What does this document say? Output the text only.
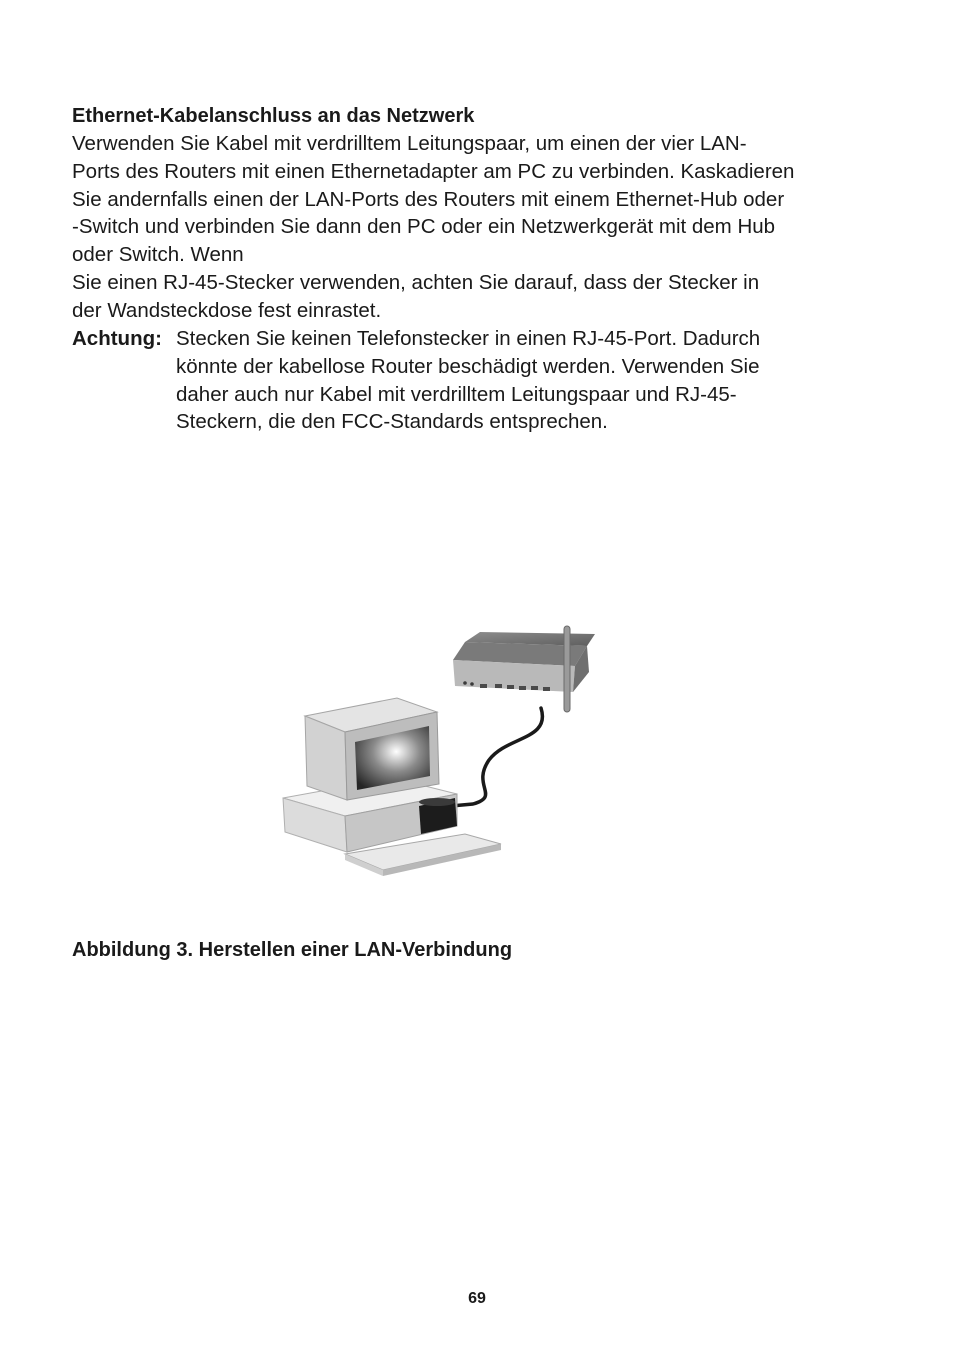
Ethernet-Kabelanschluss an das Netzwerk
Verwenden Sie Kabel mit verdrilltem Leitungspaar, um einen der vier LAN-
Ports des Routers mit einen Ethernetadapter am PC zu verbinden. Kaskadieren
Sie andernfalls einen der LAN-Ports des Routers mit einem Ethernet-Hub oder
-Switch und verbinden Sie dann den PC oder ein Netzwerkgerät mit dem Hub
oder Switch. Wenn
Sie einen RJ-45-Stecker verwenden, achten Sie darauf, dass der Stecker in
der Wandsteckdose fest einrastet.
Achtung: Stecken Sie keinen Telefonstecker in einen RJ-45-Port. Dadurch
könnte der kabellose Router beschädigt werden. Verwenden Sie
daher auch nur Kabel mit verdrilltem Leitungspaar und RJ-45-
Steckern, die den FCC-Standards entsprechen.
Abbildung 3. Herstellen einer LAN-Verbindung
69
